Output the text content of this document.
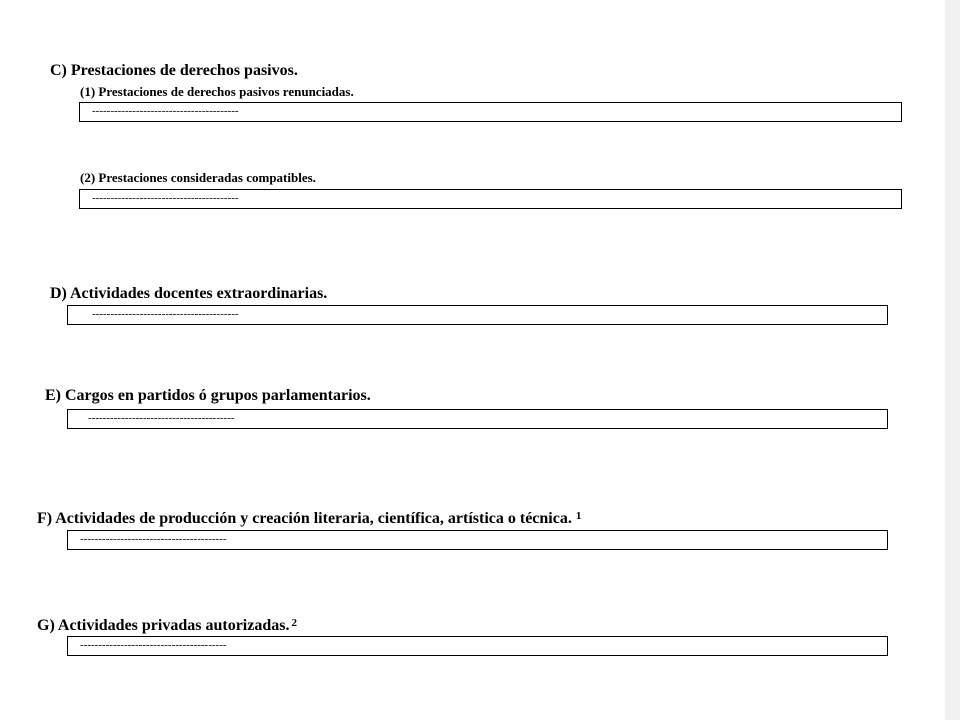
C) Prestaciones de derechos pasivos.
(1) Prestaciones de derechos pasivos renunciadas.
----------------------------------------
(2) Prestaciones consideradas compatibles.
----------------------------------------
D) Actividades docentes extraordinarias.
----------------------------------------
E) Cargos en partidos ó grupos parlamentarios.
----------------------------------------
F) Actividades de producción y creación literaria, científica, artística o técnica. $^1$
----------------------------------------
G) Actividades privadas autorizadas. $^2$
----------------------------------------
